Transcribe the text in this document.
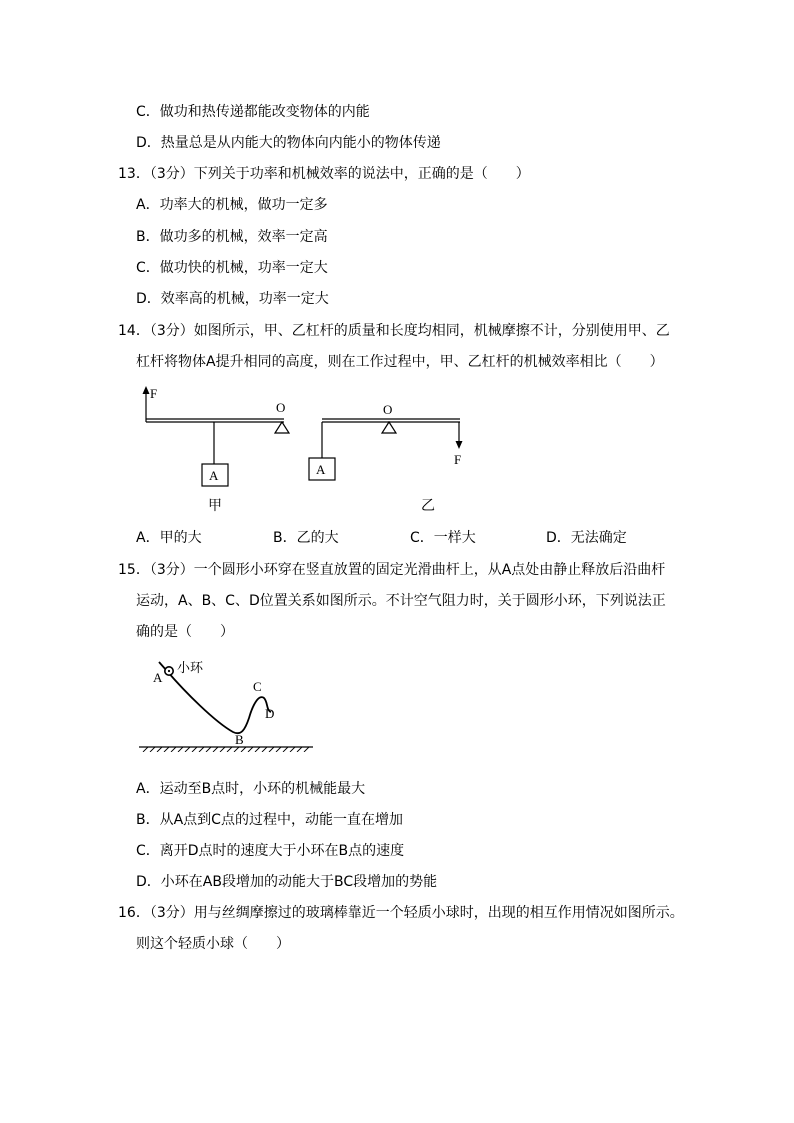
C．做功和热传递都能改变物体的内能
D．热量总是从内能大的物体向内能小的物体传递
13．（3分）下列关于功率和机械效率的说法中，正确的是（　　）
A．功率大的机械，做功一定多
B．做功多的机械，效率一定高
C．做功快的机械，功率一定大
D．效率高的机械，功率一定大
14．（3分）如图所示，甲、乙杠杆的质量和长度均相同，机械摩擦不计，分别使用甲、乙
杠杆将物体A提升相同的高度，则在工作过程中，甲、乙杠杆的机械效率相比（　　）
F
O
A
O
A
F
甲	乙
A．甲的大	B．乙的大	C．一样大	D．无法确定
15．（3分）一个圆形小环穿在竖直放置的固定光滑曲杆上，从A点处由静止释放后沿曲杆
运动，A、B、C、D位置关系如图所示。不计空气阻力时，关于圆形小环，下列说法正
确的是（　　）
小环
A
B
C
D
A．运动至B点时，小环的机械能最大
B．从A点到C点的过程中，动能一直在增加
C．离开D点时的速度大于小环在B点的速度
D．小环在AB段增加的动能大于BC段增加的势能
16．（3分）用与丝绸摩擦过的玻璃棒靠近一个轻质小球时，出现的相互作用情况如图所示。
则这个轻质小球（　　）
